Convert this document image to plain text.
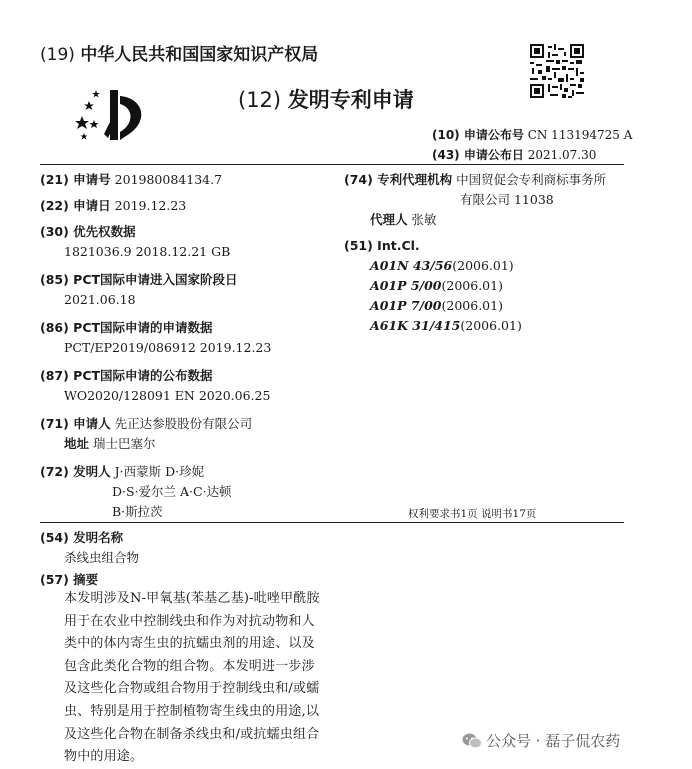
(19) 中华人民共和国国家知识产权局
(12) 发明专利申请
(10) 申请公布号 CN 113194725 A
(43) 申请公布日 2021.07.30
(21) 申请号 201980084134.7
(22) 申请日 2019.12.23
(30) 优先权数据
1821036.9 2018.12.21 GB
(85) PCT国际申请进入国家阶段日
2021.06.18
(86) PCT国际申请的申请数据
PCT/EP2019/086912 2019.12.23
(87) PCT国际申请的公布数据
WO2020/128091 EN 2020.06.25
(71) 申请人 先正达参股股份有限公司
地址 瑞士巴塞尔
(72) 发明人 J·西蒙斯 D·珍妮
D·S·爱尔兰 A·C·达顿
B·斯拉茨
(74) 专利代理机构 中国贸促会专利商标事务所
有限公司 11038
代理人 张敏
(51) Int.Cl.
A01N 43/56(2006.01)
A01P 5/00(2006.01)
A01P 7/00(2006.01)
A61K 31/415(2006.01)
权利要求书1页 说明书17页
(54) 发明名称
杀线虫组合物
(57) 摘要
本发明涉及N-甲氧基(苯基乙基)-吡唑甲酰胺用于在农业中控制线虫和作为对抗动物和人类中的体内寄生虫的抗蠕虫剂的用途、以及包含此类化合物的组合物。本发明进一步涉及这些化合物或组合物用于控制线虫和/或蠕虫、特别是用于控制植物寄生线虫的用途,以及这些化合物在制备杀线虫和/或抗蠕虫组合物中的用途。
公众号 · 磊子侃农药
